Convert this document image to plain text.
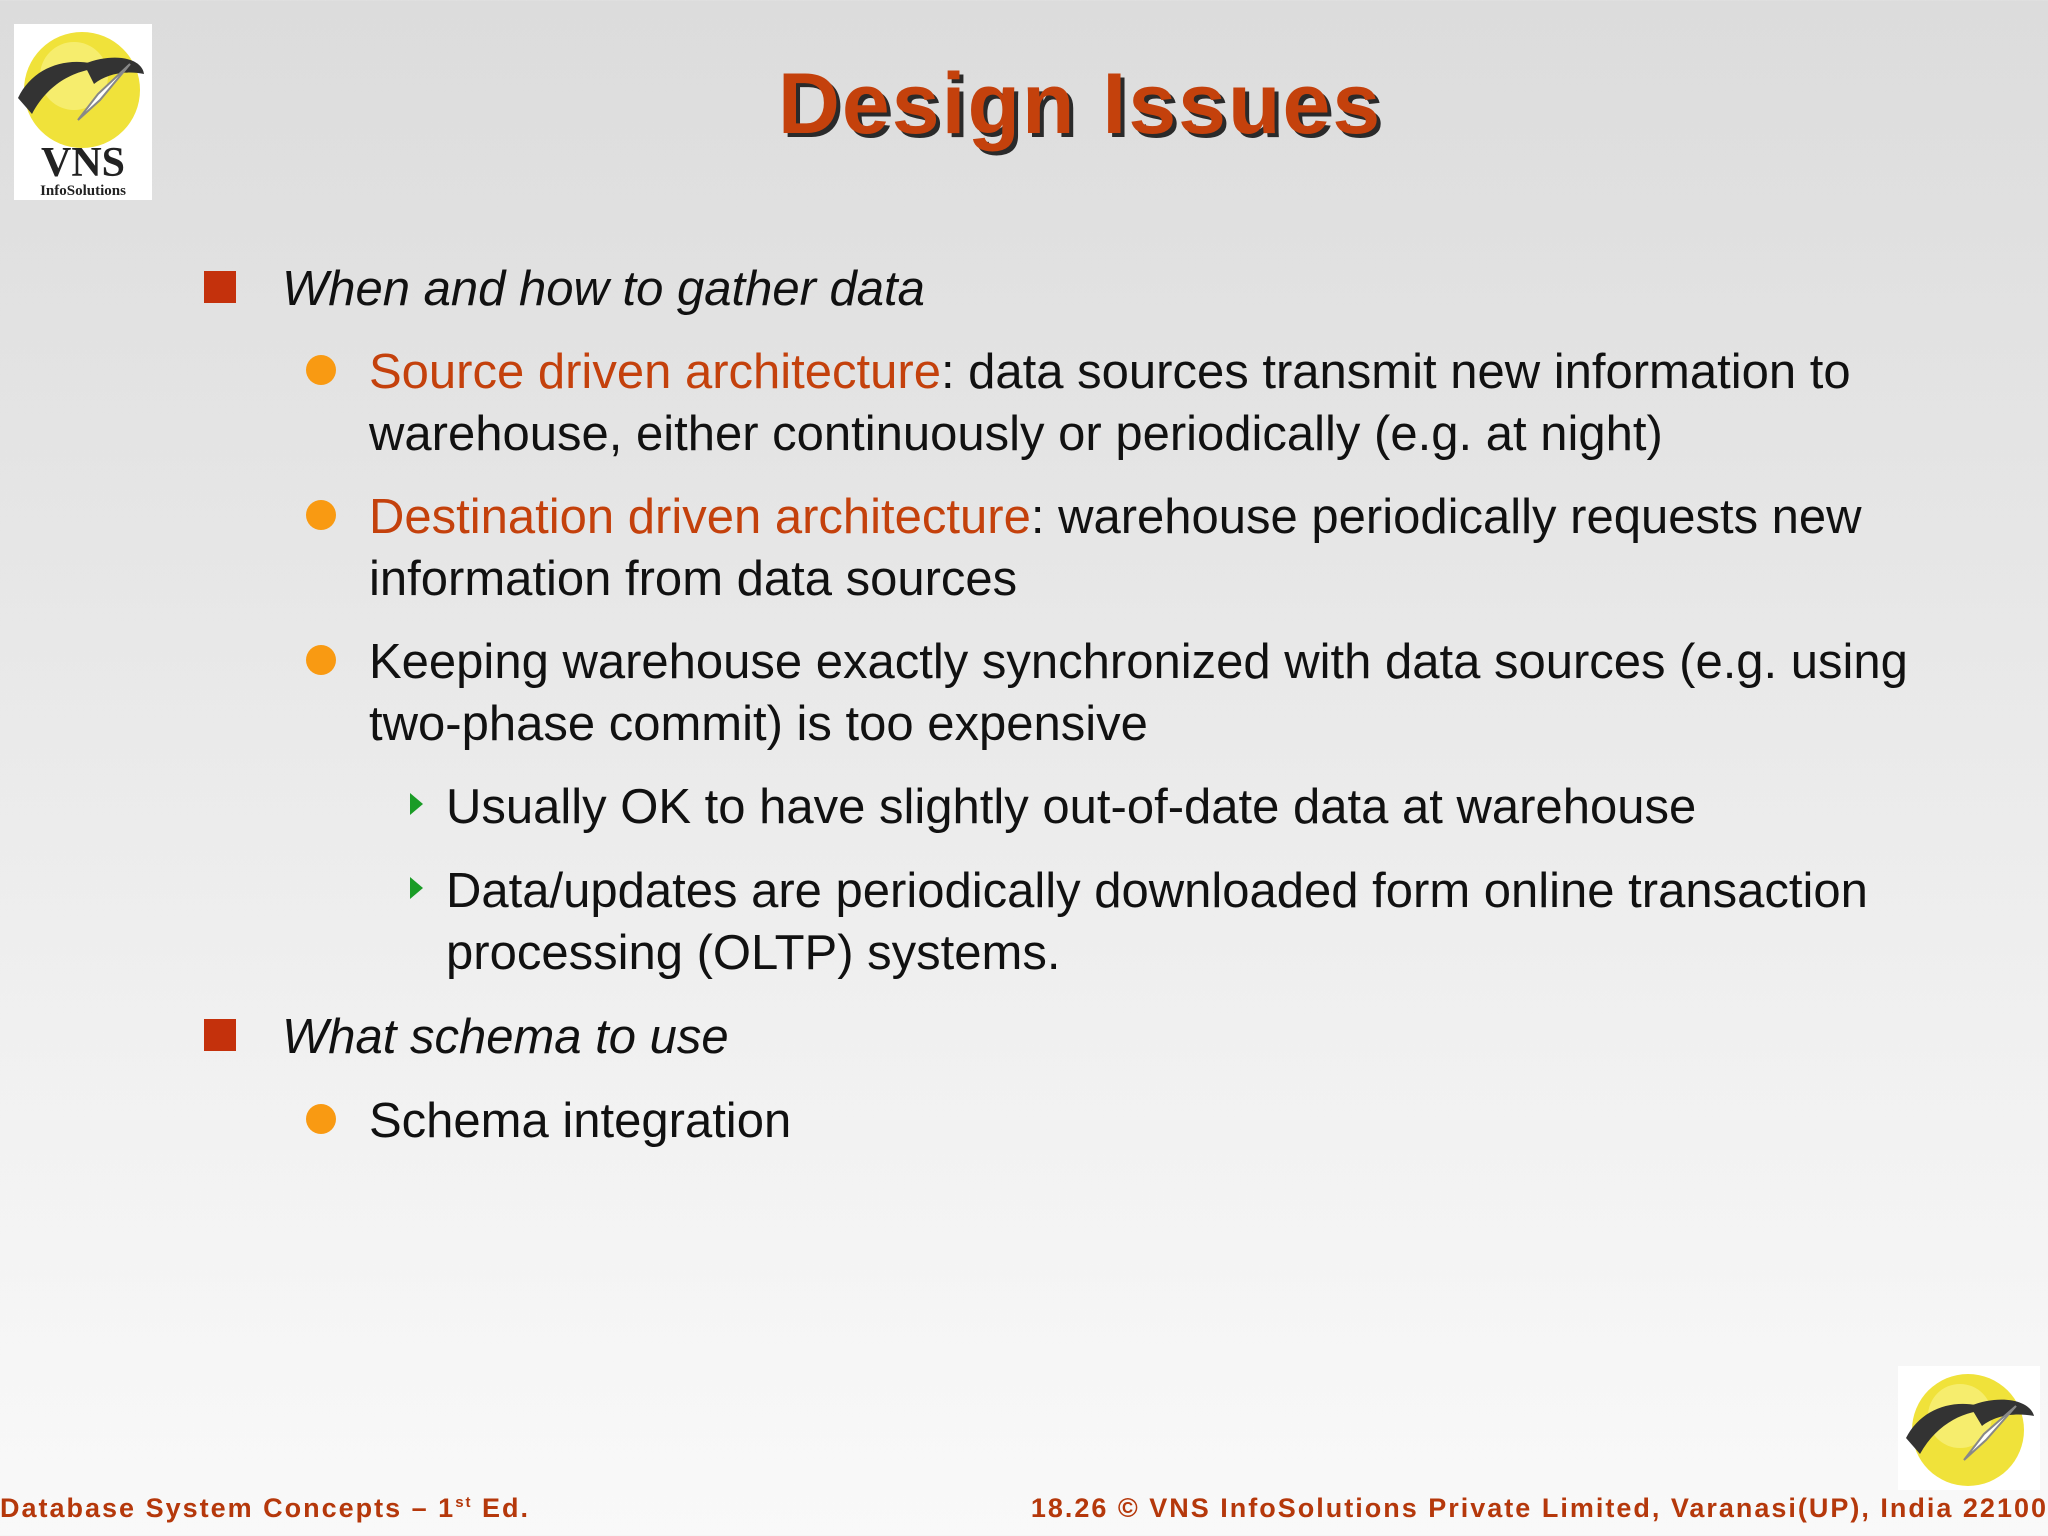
VNS
InfoSolutions
Design Issues
When and how to gather data
Source driven architecture: data sources transmit new information to warehouse, either continuously or periodically (e.g. at night)
Destination driven architecture: warehouse periodically requests new information from data sources
Keeping warehouse exactly synchronized with data sources (e.g. using two-phase commit) is too expensive
Usually OK to have slightly out-of-date data at warehouse
Data/updates are periodically downloaded form online transaction processing (OLTP) systems.
What schema to use
Schema integration
Database System Concepts – 1st Ed.	18.26 © VNS InfoSolutions Private Limited, Varanasi(UP), India 22100
